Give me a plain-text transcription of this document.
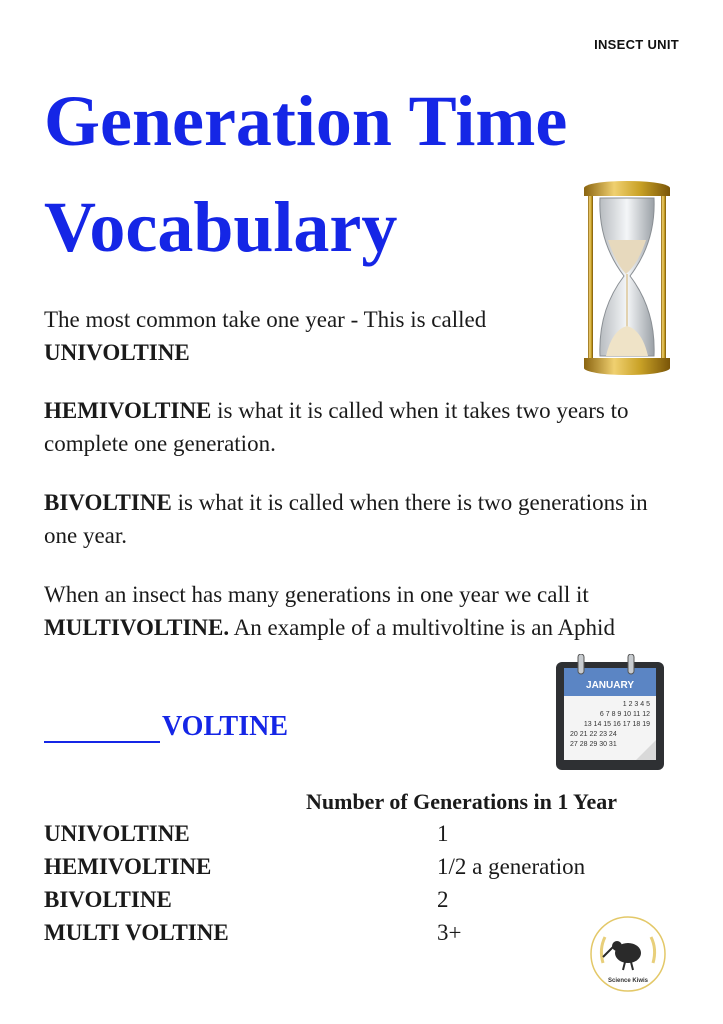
INSECT UNIT
Generation Time
Vocabulary

The most common take one year - This is called
UNIVOLTINE

HEMIVOLTINE is what it is called when it takes two years to complete one generation.

BIVOLTINE is what it is called when there is two generations in one year.

When an insect has many generations in one year we call it MULTIVOLTINE. An example of a multivoltine is an Aphid

JANUARY
1 2 3 4 5
6 7 8 9 10 11 12
13 14 15 16 17 18 19
20 21 22 23 24
27 28 29 30 31
VOLTINE
Number of Generations in 1 Year
UNIVOLTINE	1
HEMIVOLTINE	1/2 a generation
BIVOLTINE	2
MULTI VOLTINE	3+
Science Kiwis
